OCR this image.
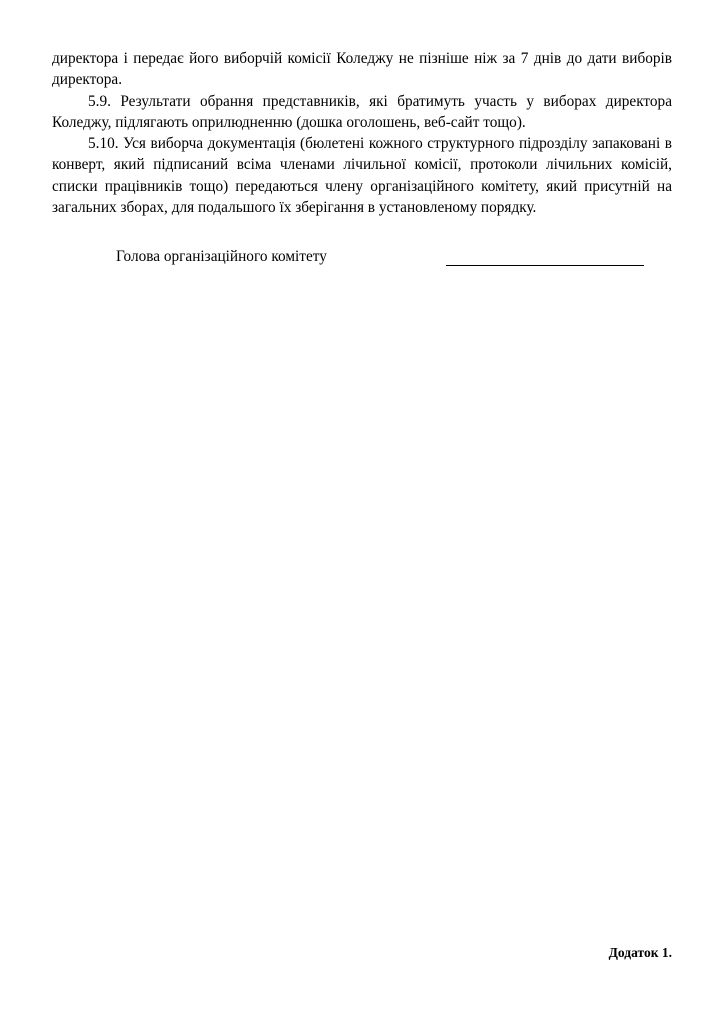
директора і передає його виборчій комісії Коледжу не пізніше ніж за 7 днів до дати виборів директора.

5.9. Результати обрання представників, які братимуть участь у виборах директора Коледжу, підлягають оприлюдненню (дошка оголошень, веб-сайт тощо).

5.10. Уся виборча документація (бюлетені кожного структурного підрозділу запаковані в конверт, який підписаний всіма членами лічильної комісії, протоколи лічильних комісій, списки працівників тощо) передаються члену організаційного комітету, який присутній на загальних зборах, для подальшого їх зберігання в установленому порядку.

Голова організаційного комітету
Додаток 1.
